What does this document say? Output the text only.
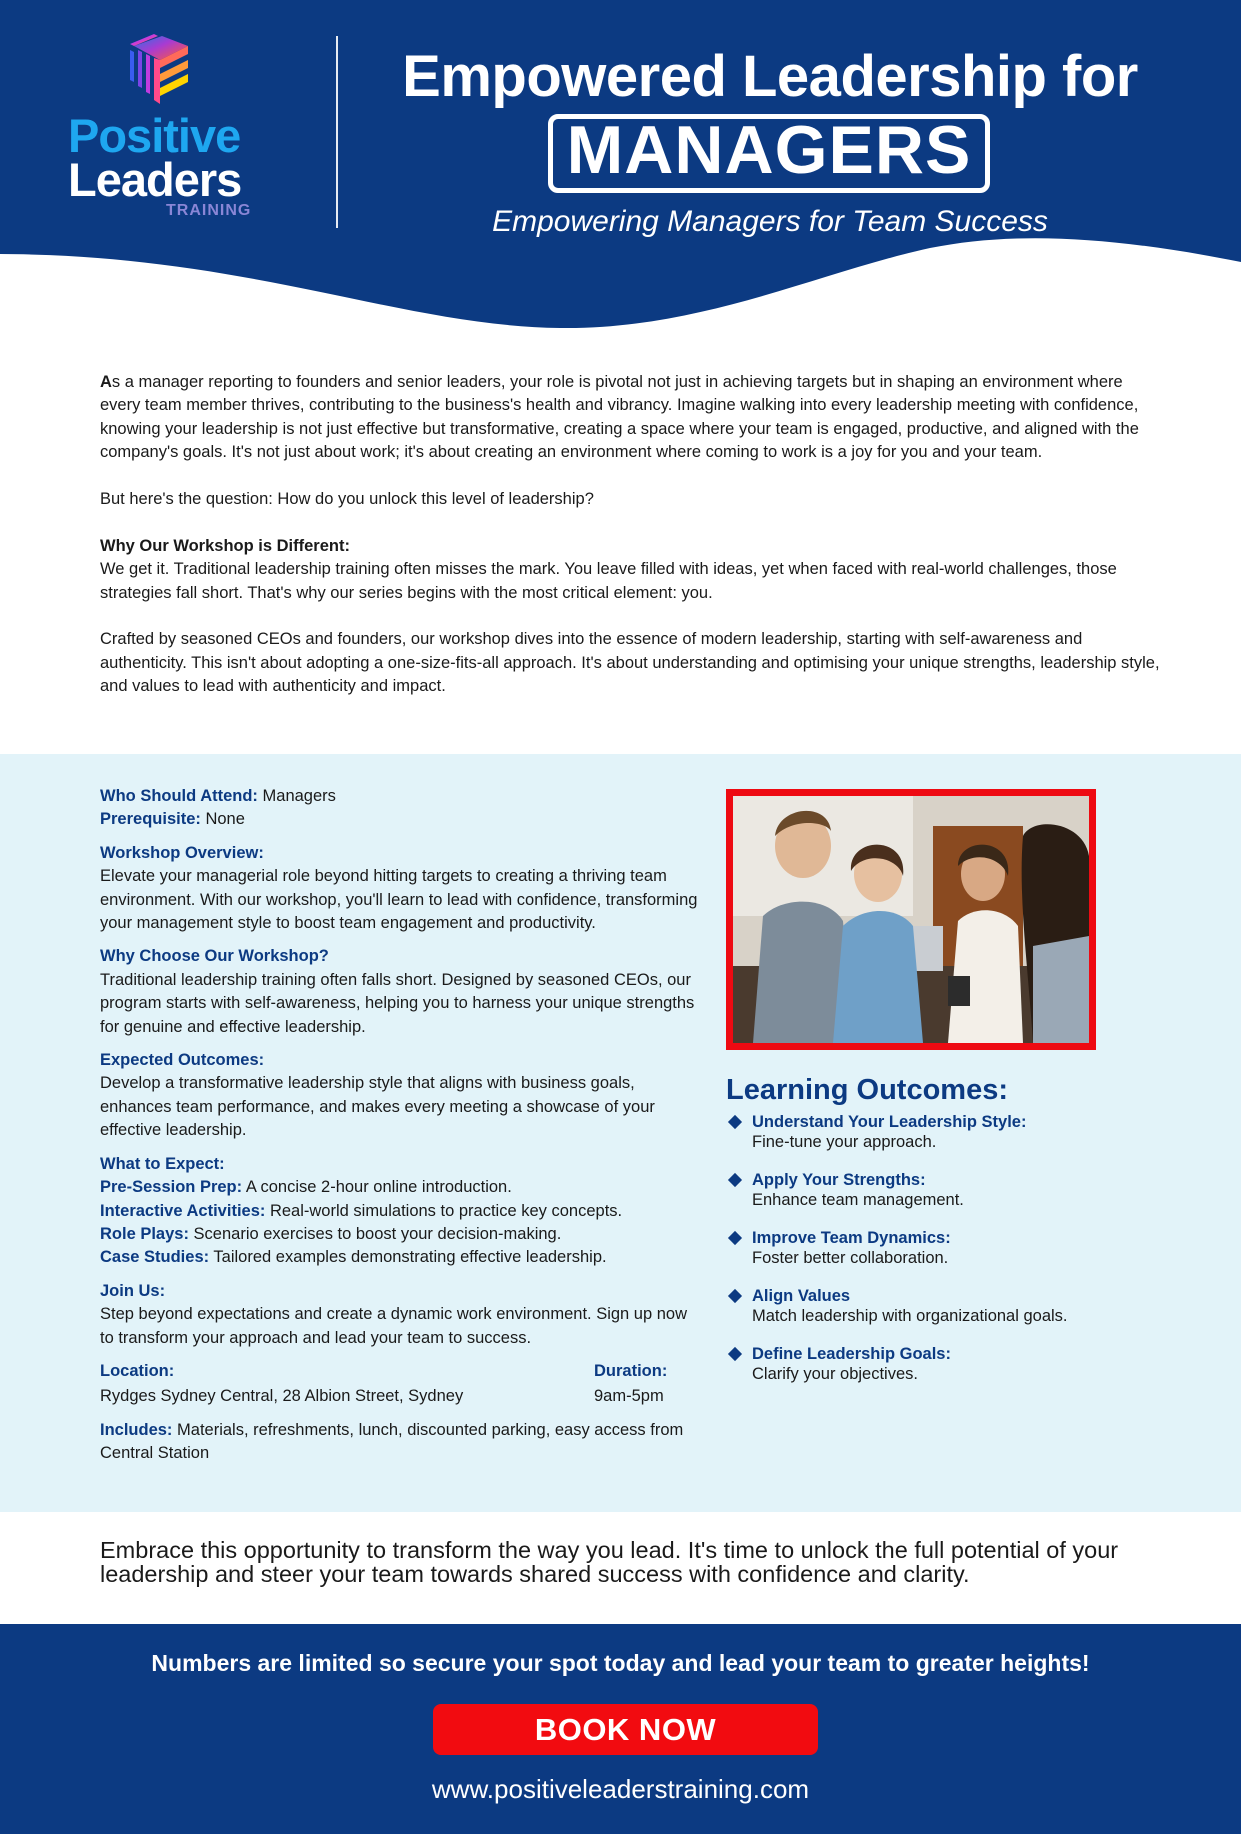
Positive
Leaders
TRAINING
Empowered Leadership for
MANAGERS
Empowering Managers for Team Success

As a manager reporting to founders and senior leaders, your role is pivotal not just in achieving targets but in shaping an environment where every team member thrives, contributing to the business's health and vibrancy. Imagine walking into every leadership meeting with confidence, knowing your leadership is not just effective but transformative, creating a space where your team is engaged, productive, and aligned with the company's goals. It's not just about work; it's about creating an environment where coming to work is a joy for you and your team.

But here's the question: How do you unlock this level of leadership?

Why Our Workshop is Different:
We get it. Traditional leadership training often misses the mark. You leave filled with ideas, yet when faced with real-world challenges, those strategies fall short. That's why our series begins with the most critical element: you.

Crafted by seasoned CEOs and founders, our workshop dives into the essence of modern leadership, starting with self-awareness and authenticity. This isn't about adopting a one-size-fits-all approach. It's about understanding and optimising your unique strengths, leadership style, and values to lead with authenticity and impact.

Who Should Attend: Managers
Prerequisite: None
Workshop Overview:
Elevate your managerial role beyond hitting targets to creating a thriving team environment. With our workshop, you'll learn to lead with confidence, transforming your management style to boost team engagement and productivity.
Why Choose Our Workshop?
Traditional leadership training often falls short. Designed by seasoned CEOs, our program starts with self-awareness, helping you to harness your unique strengths for genuine and effective leadership.
Expected Outcomes:
Develop a transformative leadership style that aligns with business goals, enhances team performance, and makes every meeting a showcase of your effective leadership.
What to Expect:
Pre-Session Prep: A concise 2-hour online introduction.
Interactive Activities: Real-world simulations to practice key concepts.
Role Plays: Scenario exercises to boost your decision-making.
Case Studies: Tailored examples demonstrating effective leadership.
Join Us:
Step beyond expectations and create a dynamic work environment. Sign up now to transform your approach and lead your team to success.
Location:
Rydges Sydney Central, 28 Albion Street, Sydney
Duration:
9am-5pm
Includes: Materials, refreshments, lunch, discounted parking, easy access from Central Station
Learning Outcomes:
Understand Your Leadership Style:
Fine-tune your approach.
Apply Your Strengths:
Enhance team management.
Improve Team Dynamics:
Foster better collaboration.
Align Values
Match leadership with organizational goals.
Define Leadership Goals:
Clarify your objectives.
Embrace this opportunity to transform the way you lead. It's time to unlock the full potential of your leadership and steer your team towards shared success with confidence and clarity.
Numbers are limited so secure your spot today and lead your team to greater heights!
BOOK NOW
www.positiveleaderstraining.com
